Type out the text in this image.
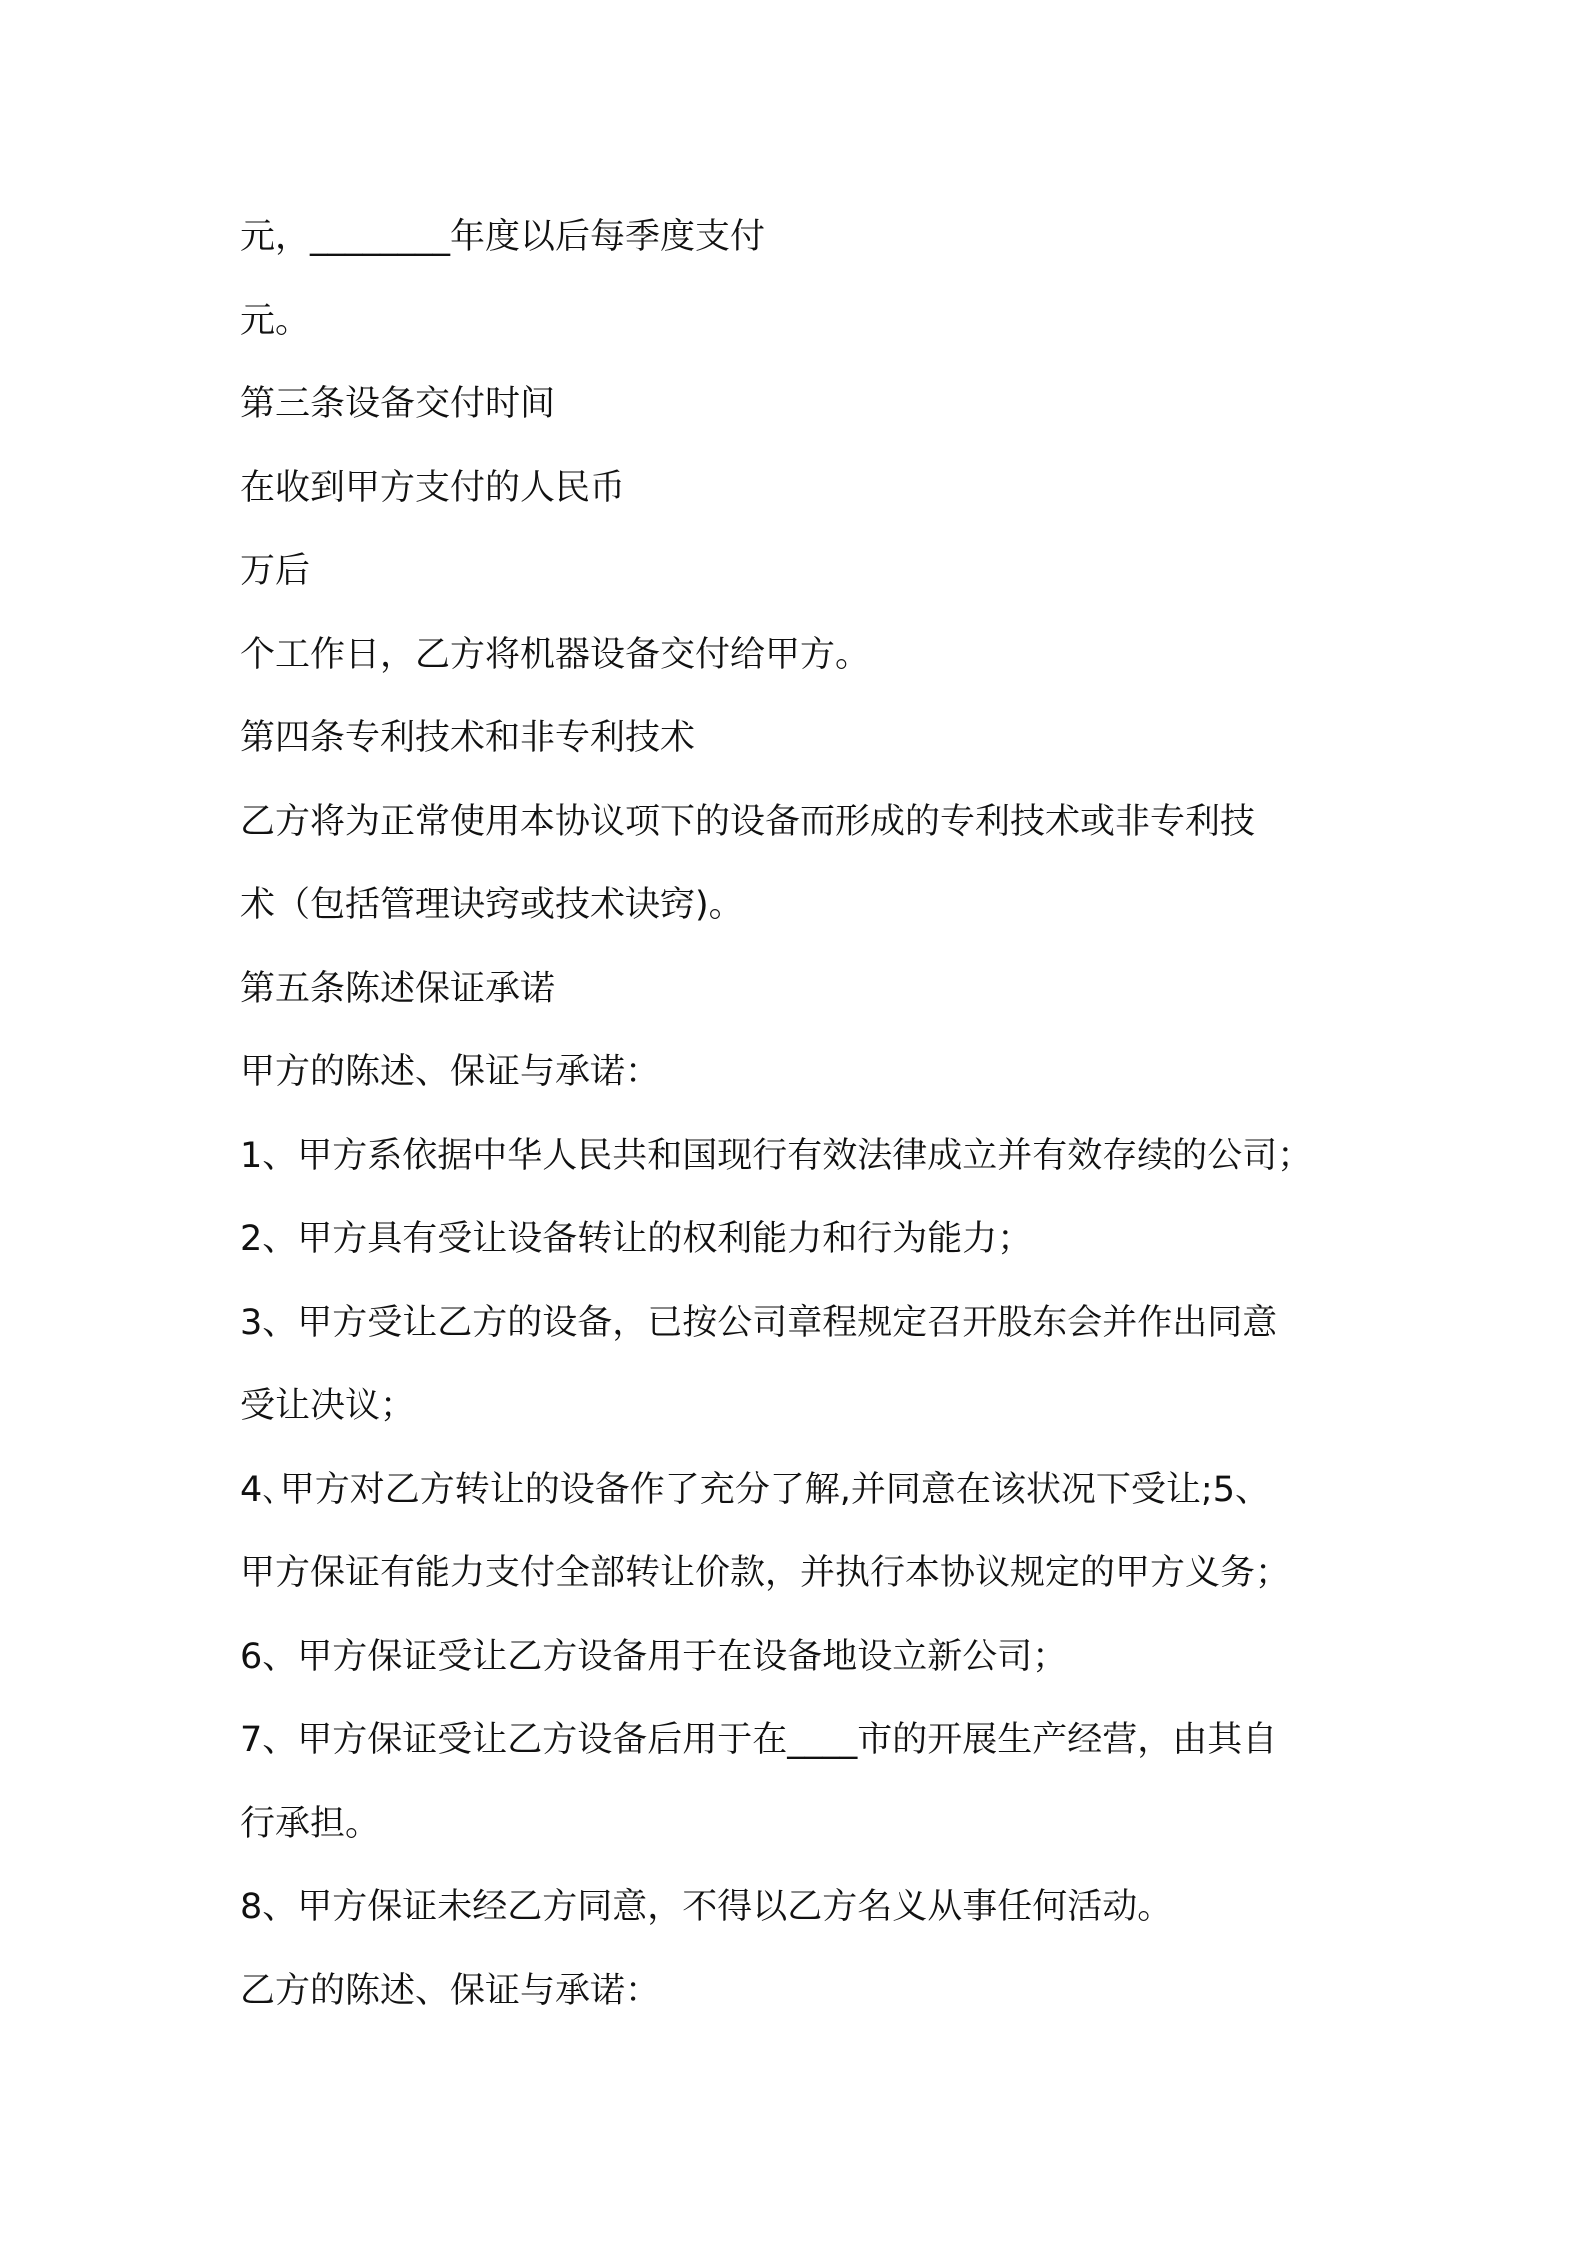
元，________年度以后每季度支付

元。

第三条设备交付时间

在收到甲方支付的人民币

万后

个工作日，乙方将机器设备交付给甲方。

第四条专利技术和非专利技术

乙方将为正常使用本协议项下的设备而形成的专利技术或非专利技

术（包括管理诀窍或技术诀窍)。

第五条陈述保证承诺

甲方的陈述、保证与承诺：

1、甲方系依据中华人民共和国现行有效法律成立并有效存续的公司；

2、甲方具有受让设备转让的权利能力和行为能力；

3、甲方受让乙方的设备，已按公司章程规定召开股东会并作出同意

受让决议；

4､甲方对乙方转让的设备作了充分了解,并同意在该状况下受让;5、

甲方保证有能力支付全部转让价款，并执行本协议规定的甲方义务；

6、甲方保证受让乙方设备用于在设备地设立新公司；

7、甲方保证受让乙方设备后用于在____市的开展生产经营，由其自

行承担。

8、甲方保证未经乙方同意，不得以乙方名义从事任何活动。

乙方的陈述、保证与承诺：
